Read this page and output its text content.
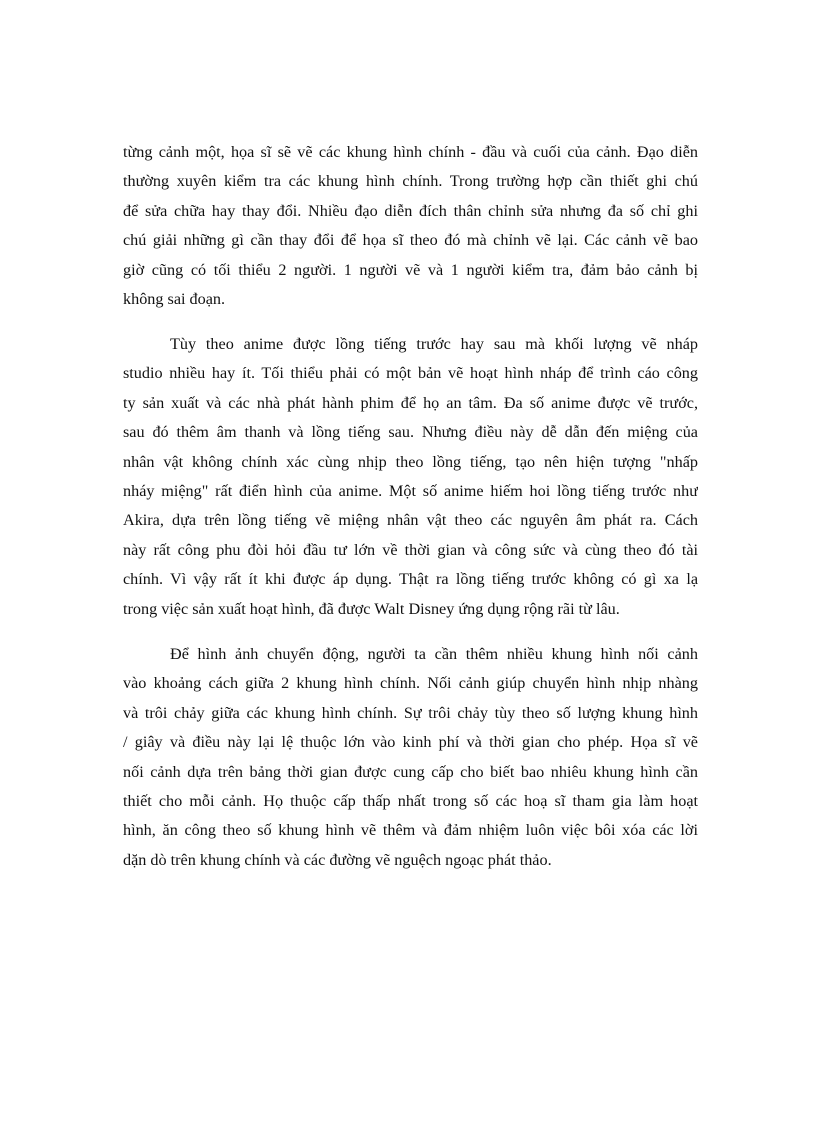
từng cảnh một, họa sĩ sẽ vẽ các khung hình chính - đầu và cuối của cảnh. Đạo diễn
thường xuyên kiểm tra các khung hình chính. Trong trường hợp cần thiết ghi chú
để sửa chữa hay thay đổi. Nhiều đạo diễn đích thân chỉnh sửa nhưng đa số chỉ ghi
chú giải những gì cần thay đổi để họa sĩ theo đó mà chỉnh vẽ lại. Các cảnh vẽ bao
giờ cũng có tối thiểu 2 người. 1 người vẽ và 1 người kiểm tra, đảm bảo cảnh bị
không sai đoạn.
Tùy theo anime được lồng tiếng trước hay sau mà khối lượng vẽ nháp
studio nhiều hay ít. Tối thiểu phải có một bản vẽ hoạt hình nháp để trình cáo công
ty sản xuất và các nhà phát hành phim để họ an tâm. Đa số anime được vẽ trước,
sau đó thêm âm thanh và lồng tiếng sau. Nhưng điều này dễ dẫn đến miệng của
nhân vật không chính xác cùng nhịp theo lồng tiếng, tạo nên hiện tượng "nhấp
nháy miệng" rất điển hình của anime. Một số anime hiếm hoi lồng tiếng trước như
Akira, dựa trên lồng tiếng vẽ miệng nhân vật theo các nguyên âm phát ra. Cách
này rất công phu đòi hỏi đầu tư lớn về thời gian và công sức và cùng theo đó tài
chính. Vì vậy rất ít khi được áp dụng. Thật ra lồng tiếng trước không có gì xa lạ
trong việc sản xuất hoạt hình, đã được Walt Disney ứng dụng rộng rãi từ lâu.
Để hình ảnh chuyển động, người ta cần thêm nhiều khung hình nối cảnh
vào khoảng cách giữa 2 khung hình chính. Nối cảnh giúp chuyển hình nhịp nhàng
và trôi chảy giữa các khung hình chính. Sự trôi chảy tùy theo số lượng khung hình
/ giây và điều này lại lệ thuộc lớn vào kinh phí và thời gian cho phép. Họa sĩ vẽ
nối cảnh dựa trên bảng thời gian được cung cấp cho biết bao nhiêu khung hình cần
thiết cho mỗi cảnh. Họ thuộc cấp thấp nhất trong số các hoạ sĩ tham gia làm hoạt
hình, ăn công theo số khung hình vẽ thêm và đảm nhiệm luôn việc bôi xóa các lời
dặn dò trên khung chính và các đường vẽ nguệch ngoạc phát thảo.
